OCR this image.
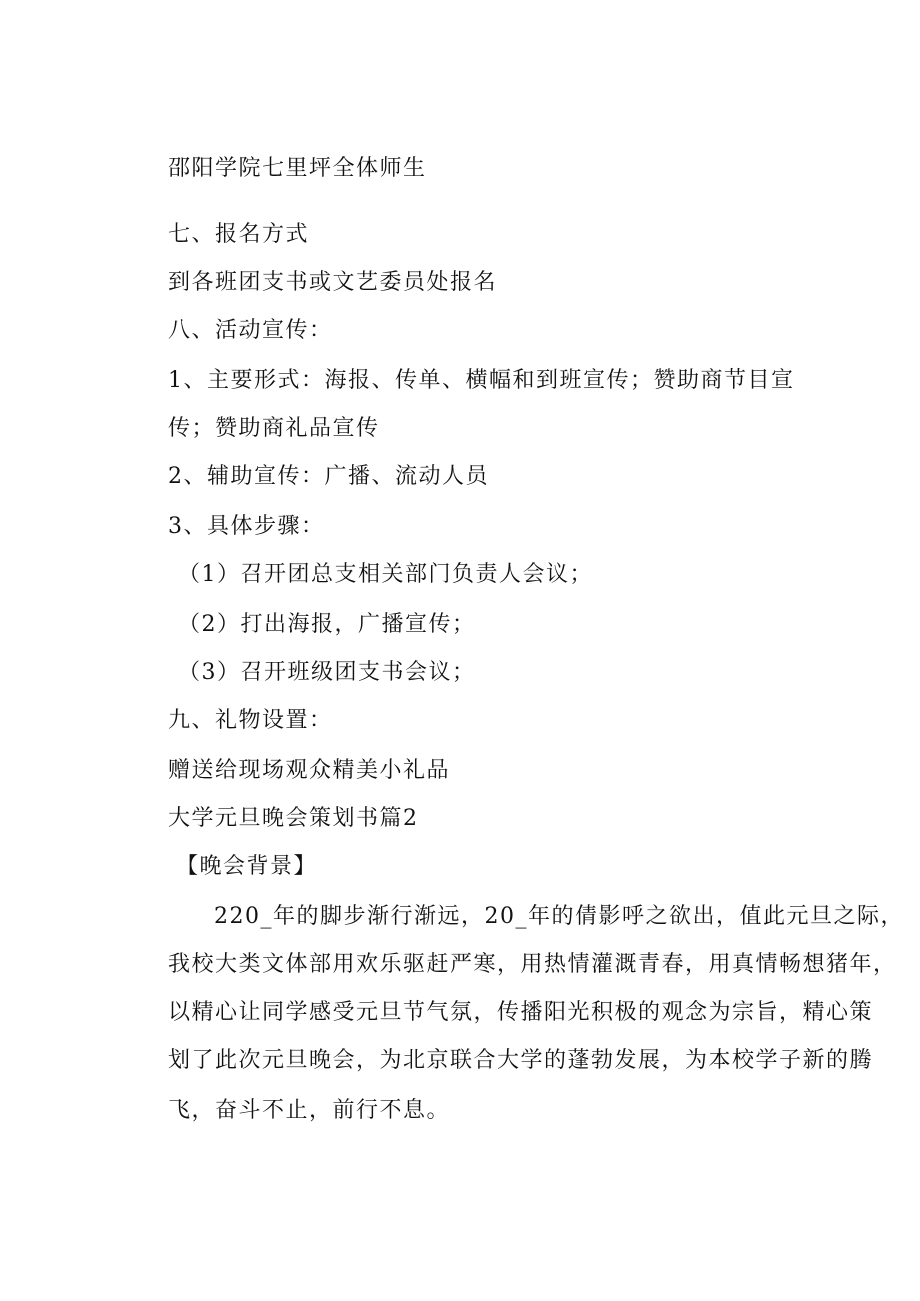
邵阳学院七里坪全体师生
七、报名方式
到各班团支书或文艺委员处报名
八、活动宣传：
1、主要形式：海报、传单、横幅和到班宣传；赞助商节目宣
传；赞助商礼品宣传
2、辅助宣传：广播、流动人员
3、具体步骤：
（1）召开团总支相关部门负责人会议；
（2）打出海报，广播宣传；
（3）召开班级团支书会议；
九、礼物设置：
赠送给现场观众精美小礼品
大学元旦晚会策划书篇2
【晚会背景】
220_年的脚步渐行渐远，20_年的倩影呼之欲出，值此元旦之际，
我校大类文体部用欢乐驱赶严寒，用热情灌溉青春，用真情畅想猪年，
以精心让同学感受元旦节气氛，传播阳光积极的观念为宗旨，精心策
划了此次元旦晚会，为北京联合大学的蓬勃发展，为本校学子新的腾
飞，奋斗不止，前行不息。
